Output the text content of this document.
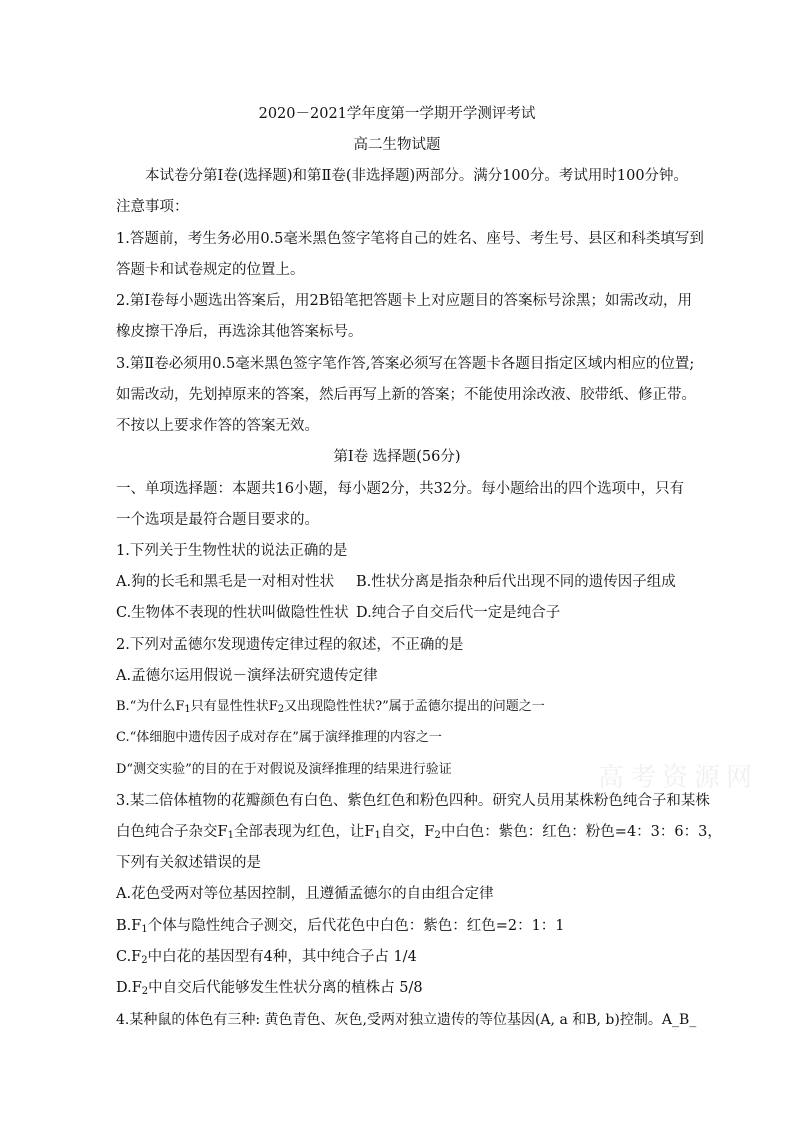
2020－2021学年度第一学期开学测评考试
高二生物试题
本试卷分第Ⅰ卷(选择题)和第Ⅱ卷(非选择题)两部分。满分100分。考试用时100分钟。
注意事项：
1.答题前，考生务必用0.5毫米黑色签字笔将自己的姓名、座号、考生号、县区和科类填写到
答题卡和试卷规定的位置上。
2.第Ⅰ卷每小题选出答案后，用2B铅笔把答题卡上对应题目的答案标号涂黑；如需改动，用
橡皮擦干净后，再选涂其他答案标号。
3.第Ⅱ卷必须用0.5毫米黑色签字笔作答,答案必须写在答题卡各题目指定区域内相应的位置;
如需改动，先划掉原来的答案，然后再写上新的答案；不能使用涂改液、胶带纸、修正带。
不按以上要求作答的答案无效。
第Ⅰ卷 选择题(56分)
一、单项选择题：本题共16小题，每小题2分，共32分。每小题给出的四个选项中，只有
一个选项是最符合题目要求的。
1.下列关于生物性状的说法正确的是
A.狗的长毛和黑毛是一对相对性状 B.性状分离是指杂种后代出现不同的遗传因子组成
C.生物体不表现的性状叫做隐性性状 D.纯合子自交后代一定是纯合子
2.下列对孟德尔发现遗传定律过程的叙述，不正确的是
A.孟德尔运用假说－演绎法研究遗传定律
B.“为什么$F_1$只有显性性状$F_2$又出现隐性性状?”属于孟德尔提出的问题之一
C.“体细胞中遗传因子成对存在”属于演绎推理的内容之一
D“测交实验”的目的在于对假说及演绎推理的结果进行验证	高考资源网
3.某二倍体植物的花瓣颜色有白色、紫色红色和粉色四种。研究人员用某株粉色纯合子和某株
白色纯合子杂交$F_1$全部表现为红色，让$F_1$自交，$F_2$中白色：紫色：红色：粉色=4：3：6：3，
下列有关叙述错误的是
A.花色受两对等位基因控制，且遵循孟德尔的自由组合定律
$B.F_1$个体与隐性纯合子测交，后代花色中白色：紫色：红色=2：1：1
$C.F_2$中白花的基因型有4种，其中纯合子占 1/4
$D.F_2$中自交后代能够发生性状分离的植株占 5/8
4.某种鼠的体色有三种: 黄色青色、灰色,受两对独立遗传的等位基因(A, a 和B, b)控制。A_B_
